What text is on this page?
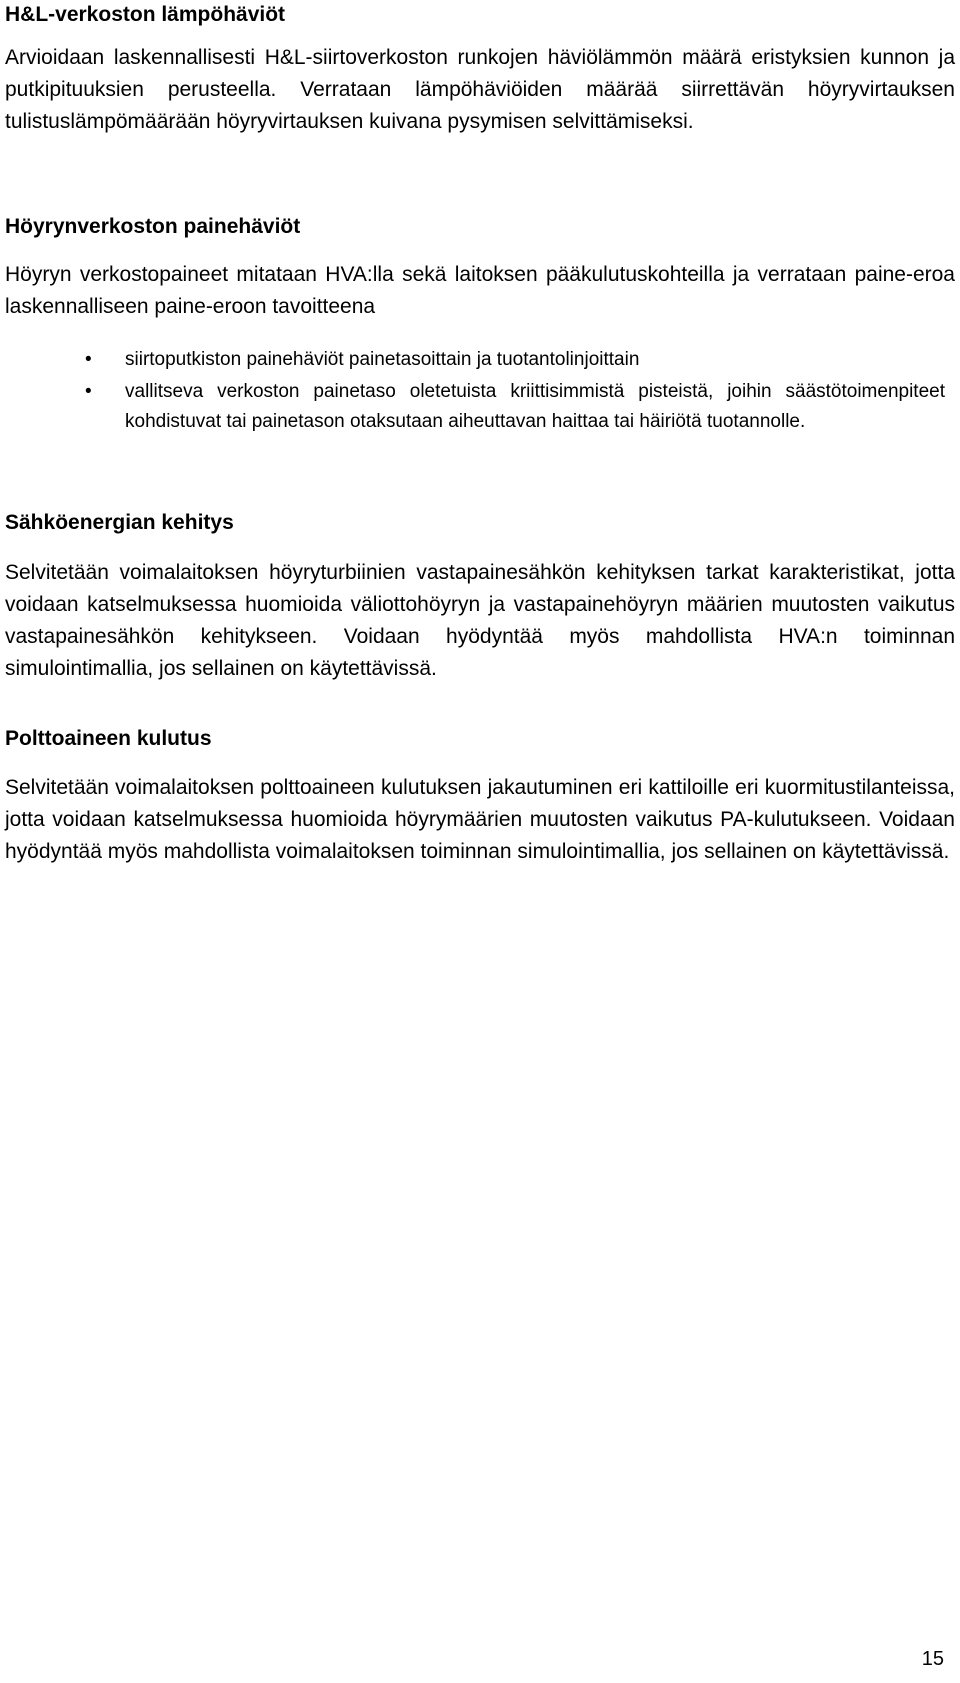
H&L-verkoston lämpöhäviöt

Arvioidaan laskennallisesti H&L-siirtoverkoston runkojen häviölämmön määrä eristyksien kunnon ja putkipituuksien perusteella. Verrataan lämpöhäviöiden määrää siirrettävän höyryvirtauksen tulistuslämpömäärään höyryvirtauksen kuivana pysymisen selvittämiseksi.

Höyrynverkoston painehäviöt

Höyryn verkostopaineet mitataan HVA:lla sekä laitoksen pääkulutuskohteilla ja verrataan paine-eroa laskennalliseen paine-eroon tavoitteena

• siirtoputkiston painehäviöt painetasoittain ja tuotantolinjoittain
• vallitseva verkoston painetaso oletetuista kriittisimmistä pisteistä, joihin säästötoimenpiteet kohdistuvat tai painetason otaksutaan aiheuttavan haittaa tai häiriötä tuotannolle.
Sähköenergian kehitys

Selvitetään voimalaitoksen höyryturbiinien vastapainesähkön kehityksen tarkat karakteristikat, jotta voidaan katselmuksessa huomioida väliottohöyryn ja vastapainehöyryn määrien muutosten vaikutus vastapainesähkön kehitykseen. Voidaan hyödyntää myös mahdollista HVA:n toiminnan simulointimallia, jos sellainen on käytettävissä.

Polttoaineen kulutus

Selvitetään voimalaitoksen polttoaineen kulutuksen jakautuminen eri kattiloille eri kuormitustilanteissa, jotta voidaan katselmuksessa huomioida höyrymäärien muutosten vaikutus PA-kulutukseen. Voidaan hyödyntää myös mahdollista voimalaitoksen toiminnan simulointimallia, jos sellainen on käytettävissä.

15
